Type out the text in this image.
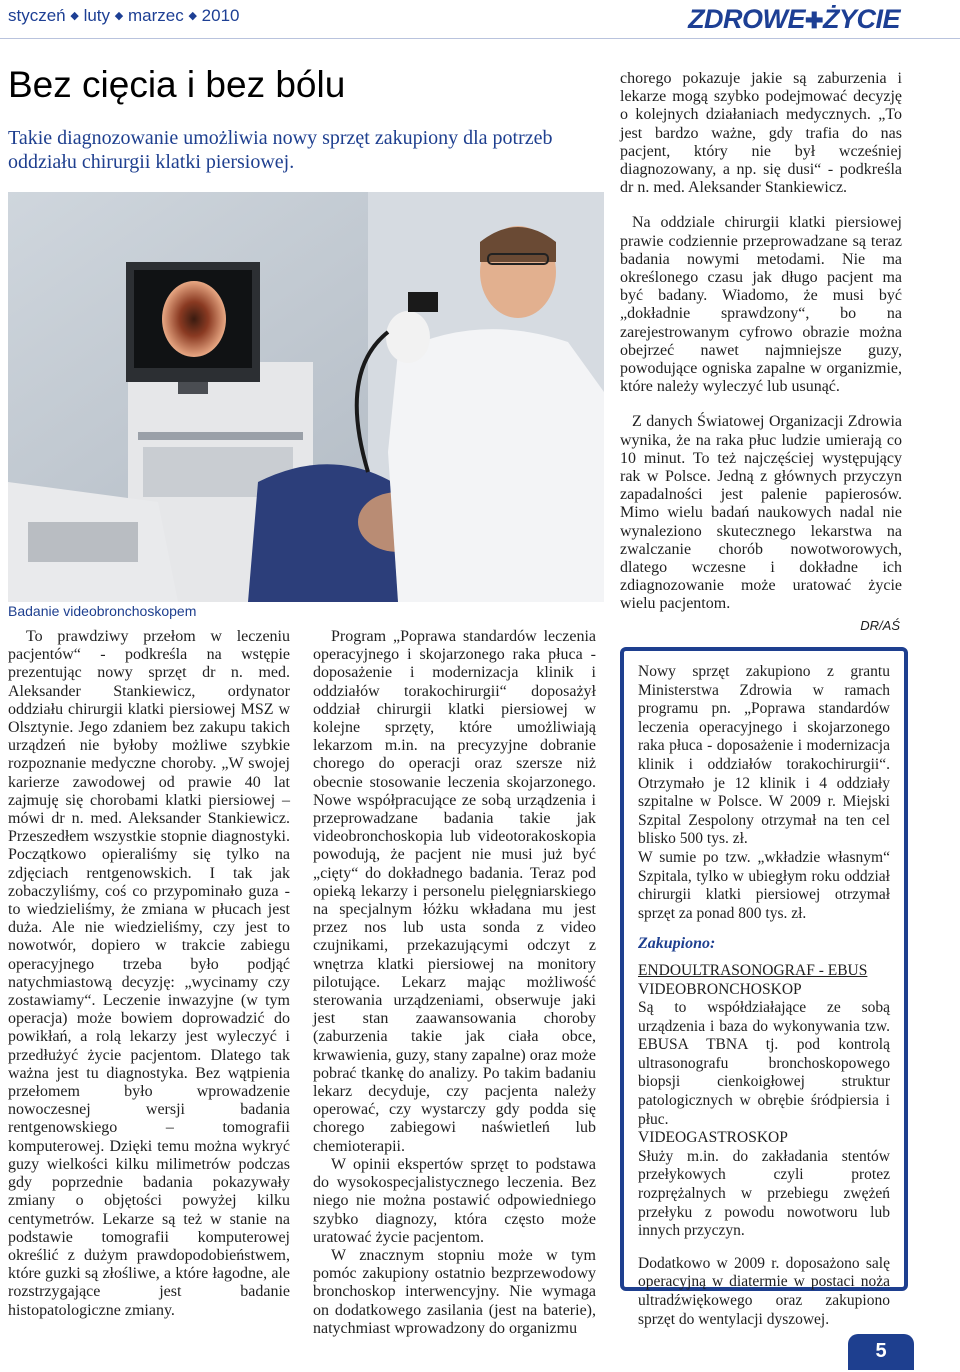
styczeń ◆ luty ◆ marzec ◆ 2010	ZDROWE✚ŻYCIE
Bez cięcia i bez bólu

Takie diagnozowanie umożliwia nowy sprzęt zakupiony dla potrzeb oddziału chirurgii klatki piersiowej.

Badanie videobronchoskopem

To prawdziwy przełom w leczeniu pacjentów“ - podkreśla na wstępie prezentując nowy sprzęt dr n. med. Aleksander Stankiewicz, ordynator oddziału chirurgii klatki piersiowej MSZ w Olsztynie. Jego zdaniem bez zakupu takich urządzeń nie byłoby możliwe szybkie rozpoznanie medyczne choroby. „W swojej karierze zawodowej od prawie 40 lat zajmuję się chorobami klatki piersiowej – mówi dr n. med. Aleksander Stankiewicz. Przeszedłem wszystkie stopnie diagnostyki. Początkowo opieraliśmy się tylko na zdjęciach rentgenowskich. I tak jak zobaczyliśmy, coś co przypominało guza - to wiedzieliśmy, że zmiana w płucach jest duża. Ale nie wiedzieliśmy, czy jest to nowotwór, dopiero w trakcie zabiegu operacyjnego trzeba było podjąć natychmiastową decyzję: „wycinamy czy zostawiamy“. Leczenie inwazyjne (w tym operacja) może bowiem doprowadzić do powikłań, a rolą lekarzy jest wyleczyć i przedłużyć życie pacjentom. Dlatego tak ważna jest tu diagnostyka. Bez wątpienia przełomem było wprowadzenie nowoczesnej wersji badania rentgenowskiego – tomografii komputerowej. Dzięki temu można wykryć guzy wielkości kilku milimetrów podczas gdy poprzednie badania pokazywały zmiany o objętości powyżej kilku centymetrów. Lekarze są też w stanie na podstawie tomografii komputerowej określić z dużym prawdopodobieństwem, które guzki są złośliwe, a które łagodne, ale rozstrzygające jest badanie histopatologiczne zmiany.

Program „Poprawa standardów leczenia operacyjnego i skojarzonego raka płuca - doposażenie i modernizacja klinik i oddziałów torakochirurgii“ doposażył oddział chirurgii klatki piersiowej w kolejne sprzęty, które umożliwiają lekarzom m.in. na precyzyjne dobranie chorego do operacji oraz szersze niż obecnie stosowanie leczenia skojarzonego. Nowe współpracujące ze sobą urządzenia i przeprowadzane badania takie jak videobronchoskopia lub videotorakoskopia powodują, że pacjent nie musi już być „cięty“ do dokładnego badania. Teraz pod opieką lekarzy i personelu pielęgniarskiego na specjalnym łóżku wkładana mu jest przez nos lub usta sonda z video czujnikami, przekazującymi odczyt z wnętrza klatki piersiowej na monitory pilotujące. Lekarz mając możliwość sterowania urządzeniami, obserwuje jaki jest stan zaawansowania choroby (zaburzenia takie jak ciała obce, krwawienia, guzy, stany zapalne) oraz może pobrać tkankę do analizy. Po takim badaniu lekarz decyduje, czy pacjenta należy operować, czy wystarczy gdy podda się chorego zabiegowi naświetleń lub chemioterapii.

W opinii ekspertów sprzęt to podstawa do wysokospecjalistycznego leczenia. Bez niego nie można postawić odpowiedniego szybko diagnozy, która często może uratować życie pacjentom.

W znacznym stopniu może w tym pomóc zakupiony ostatnio bezprzewodowy bronchoskop interwencyjny. Nie wymaga on dodatkowego zasilania (jest na baterie), natychmiast wprowadzony do organizmu

chorego pokazuje jakie są zaburzenia i lekarze mogą szybko podejmować decyzję o kolejnych działaniach medycznych. „To jest bardzo ważne, gdy trafia do nas pacjent, który nie był wcześniej diagnozowany, a np. się dusi“ - podkreśla dr n. med. Aleksander Stankiewicz.

Na oddziale chirurgii klatki piersiowej prawie codziennie przeprowadzane są teraz badania nowymi metodami. Nie ma określonego czasu jak długo pacjent ma być badany. Wiadomo, że musi być „dokładnie sprawdzony“, bo na zarejestrowanym cyfrowo obrazie można obejrzeć nawet najmniejsze guzy, powodujące ogniska zapalne w organizmie, które należy wyleczyć lub usunąć.

Z danych Światowej Organizacji Zdrowia wynika, że na raka płuc ludzie umierają co 10 minut. To też najczęściej występujący rak w Polsce. Jedną z głównych przyczyn zapadalności jest palenie papierosów. Mimo wielu badań naukowych nadal nie wynaleziono skutecznego lekarstwa na zwalczanie chorób nowotworowych, dlatego wczesne i dokładne ich zdiagnozowanie może uratować życie wielu pacjentom.

DR/AŚ

Nowy sprzęt zakupiono z grantu Ministerstwa Zdrowia w ramach programu pn. „Poprawa standardów leczenia operacyjnego i skojarzonego raka płuca - doposażenie i modernizacja klinik i oddziałów torakochirurgii“. Otrzymało je 12 klinik i 4 oddziały szpitalne w Polsce. W 2009 r. Miejski Szpital Zespolony otrzymał na ten cel blisko 500 tys. zł.

W sumie po tzw. „wkładzie własnym“ Szpitala, tylko w ubiegłym roku oddział chirurgii klatki piersiowej otrzymał sprzęt za ponad 800 tys. zł.

Zakupiono:

ENDOULTRASONOGRAF - EBUS

VIDEOBRONCHOSKOP

Są to współdziałające ze sobą urządzenia i baza do wykonywania tzw. EBUSA TBNA tj. pod kontrolą ultrasonografu bronchoskopowego biopsji cienkoigłowej struktur patologicznych w obrębie śródpiersia i płuc.

VIDEOGASTROSKOP

Służy m.in. do zakładania stentów przełykowych czyli protez rozprężalnych w przebiegu zwężeń przełyku z powodu nowotworu lub innych przyczyn.

Dodatkowo w 2009 r. doposażono salę operacyjną w diatermie w postaci noża ultradźwiękowego oraz zakupiono sprzęt do wentylacji dyszowej.

5
